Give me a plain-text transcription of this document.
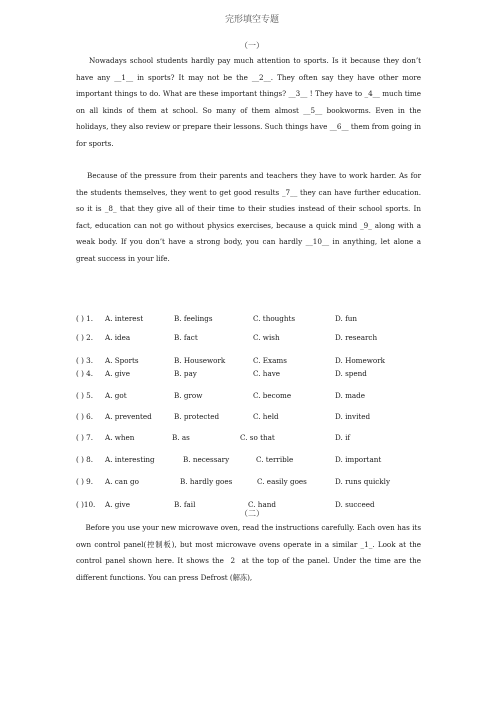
完形填空专题
（一）

Nowadays school students hardly pay much attention to sports. Is it because they don’t have any __1__ in sports? It may not be the __2__. They often say they have other more important things to do. What are these important things? __3__ ! They have to _4__ much time on all kinds of them at school. So many of them almost __5__ bookworms. Even in the holidays, they also review or prepare their lessons. Such things have __6__ them from going in for sports.

Because of the pressure from their parents and teachers they have to work harder. As for the students themselves, they went to get good results _7__ they can have further education. so it is _8_ that they give all of their time to their studies instead of their school sports. In fact, education can not go without physics exercises, because a quick mind _9_ along with a weak body. If you don’t have a strong body, you can hardly __10__ in anything, let alone a great success in your life.

( ) 1. A. interest	B. feelings	C. thoughts	D. fun
( ) 2. A. idea	B. fact	C. wish	D. research
( ) 3. A. Sports	B. Housework	C. Exams	D. Homework
( ) 4. A. give	B. pay	C. have	D. spend
( ) 5. A. got	B. grow	C. become	D. made
( ) 6. A. prevented	B. protected	C. held	D. invited
( ) 7. A. when	B. as	C. so that	D. if
( ) 8. A. interesting	B. necessary	C. terrible	D. important
( ) 9. A. can go	B. hardly goes	C. easily goes	D. runs quickly
( )10. A. give	B. fail	C. hand	D. succeed
（二）

Before you use your new microwave oven, read the instructions carefully. Each oven has its own control panel(控制板), but most microwave ovens operate in a similar _1_. Look at the control panel shown here. It shows the  2  at the top of the panel. Under the time are the different functions. You can press Defrost (解冻),
